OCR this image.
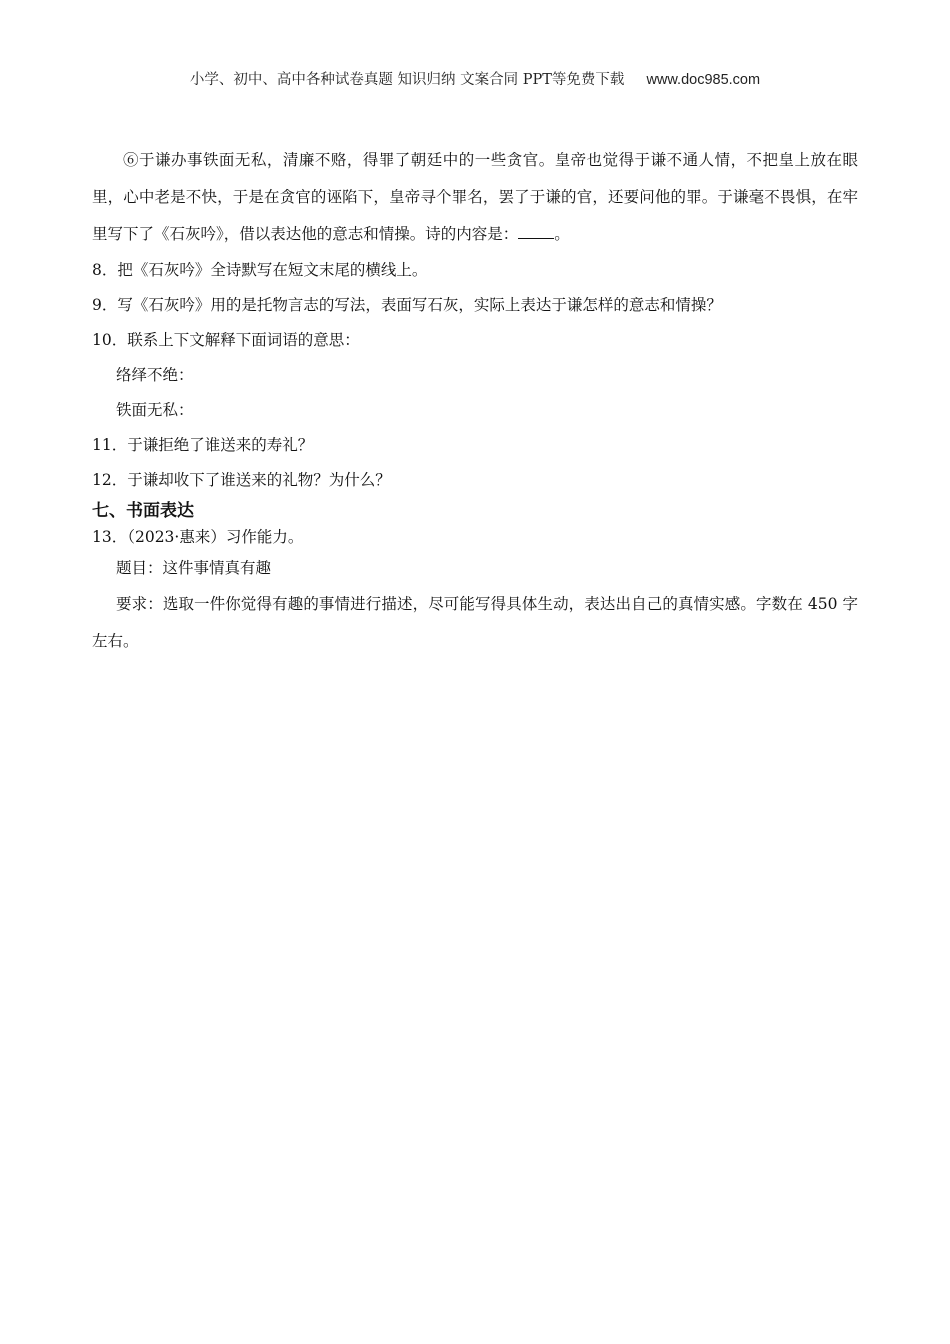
小学、初中、高中各种试卷真题 知识归纳 文案合同 PPT等免费下载 www.doc985.com

⑥于谦办事铁面无私，清廉不赂，得罪了朝廷中的一些贪官。皇帝也觉得于谦不通人情，不把皇上放在眼里，心中老是不快，于是在贪官的诬陷下，皇帝寻个罪名，罢了于谦的官，还要问他的罪。于谦毫不畏惧，在牢里写下了《石灰吟》，借以表达他的意志和情操。诗的内容是： 。

8．把《石灰吟》全诗默写在短文末尾的横线上。

9．写《石灰吟》用的是托物言志的写法，表面写石灰，实际上表达于谦怎样的意志和情操？

10．联系上下文解释下面词语的意思：

络绎不绝：

铁面无私：

11．于谦拒绝了谁送来的寿礼？

12．于谦却收下了谁送来的礼物？为什么？

七、书面表达

13．（2023·惠来）习作能力。

题目：这件事情真有趣

要求：选取一件你觉得有趣的事情进行描述，尽可能写得具体生动，表达出自己的真情实感。字数在 450 字左右。
